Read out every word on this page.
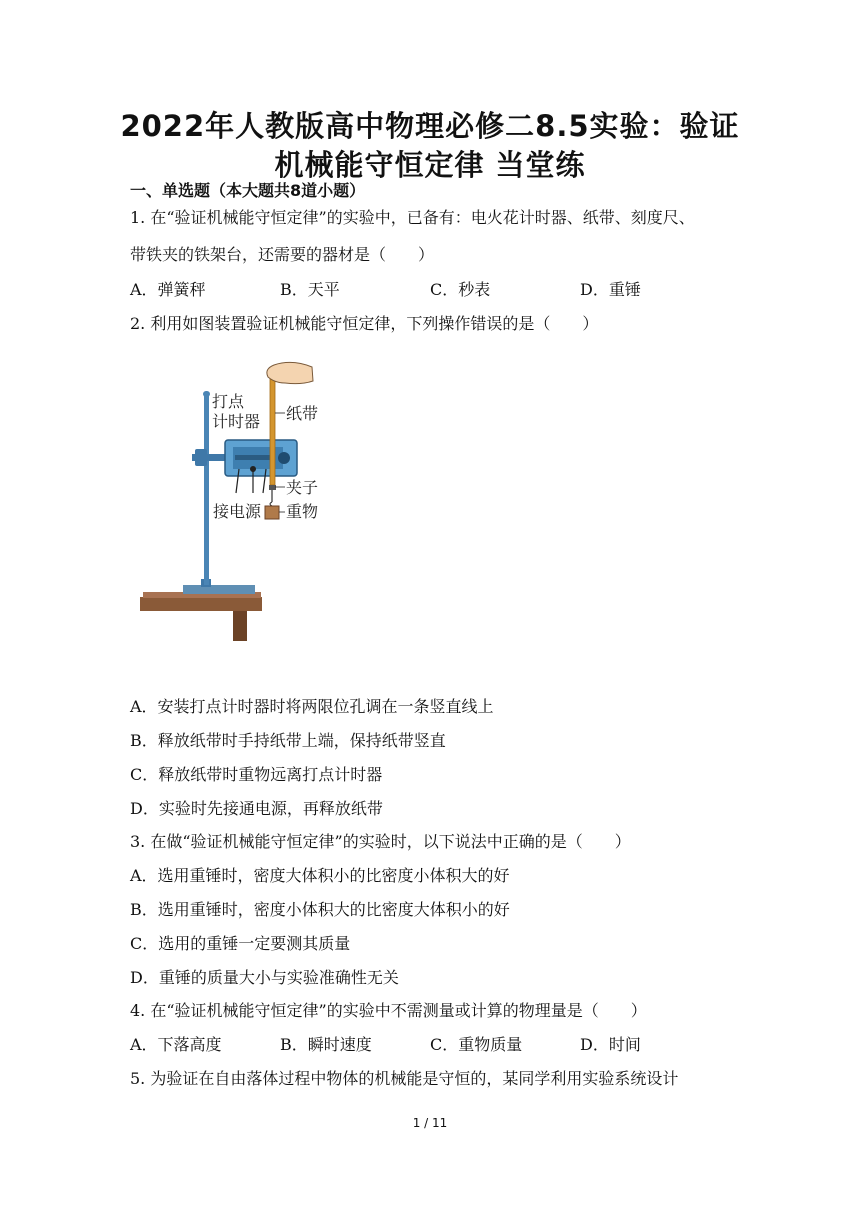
2022年人教版高中物理必修二8.5实验：验证
机械能守恒定律 当堂练
一、单选题（本大题共8道小题）
1. 在“验证机械能守恒定律”的实验中，已备有：电火花计时器、纸带、刻度尺、
带铁夹的铁架台，还需要的器材是（　　）
A．弹簧秤	B．天平	C．秒表	D．重锤
2. 利用如图装置验证机械能守恒定律，下列操作错误的是（　　）
打点
计时器 纸带
夹子
接电源 重物
A．安装打点计时器时将两限位孔调在一条竖直线上
B．释放纸带时手持纸带上端，保持纸带竖直
C．释放纸带时重物远离打点计时器
D．实验时先接通电源，再释放纸带
3. 在做“验证机械能守恒定律”的实验时，以下说法中正确的是（　　）
A．选用重锤时，密度大体积小的比密度小体积大的好
B．选用重锤时，密度小体积大的比密度大体积小的好
C．选用的重锤一定要测其质量
D．重锤的质量大小与实验准确性无关
4. 在“验证机械能守恒定律”的实验中不需测量或计算的物理量是（　　）
A．下落高度	B．瞬时速度	C．重物质量	D．时间
5. 为验证在自由落体过程中物体的机械能是守恒的，某同学利用实验系统设计
1 / 11
